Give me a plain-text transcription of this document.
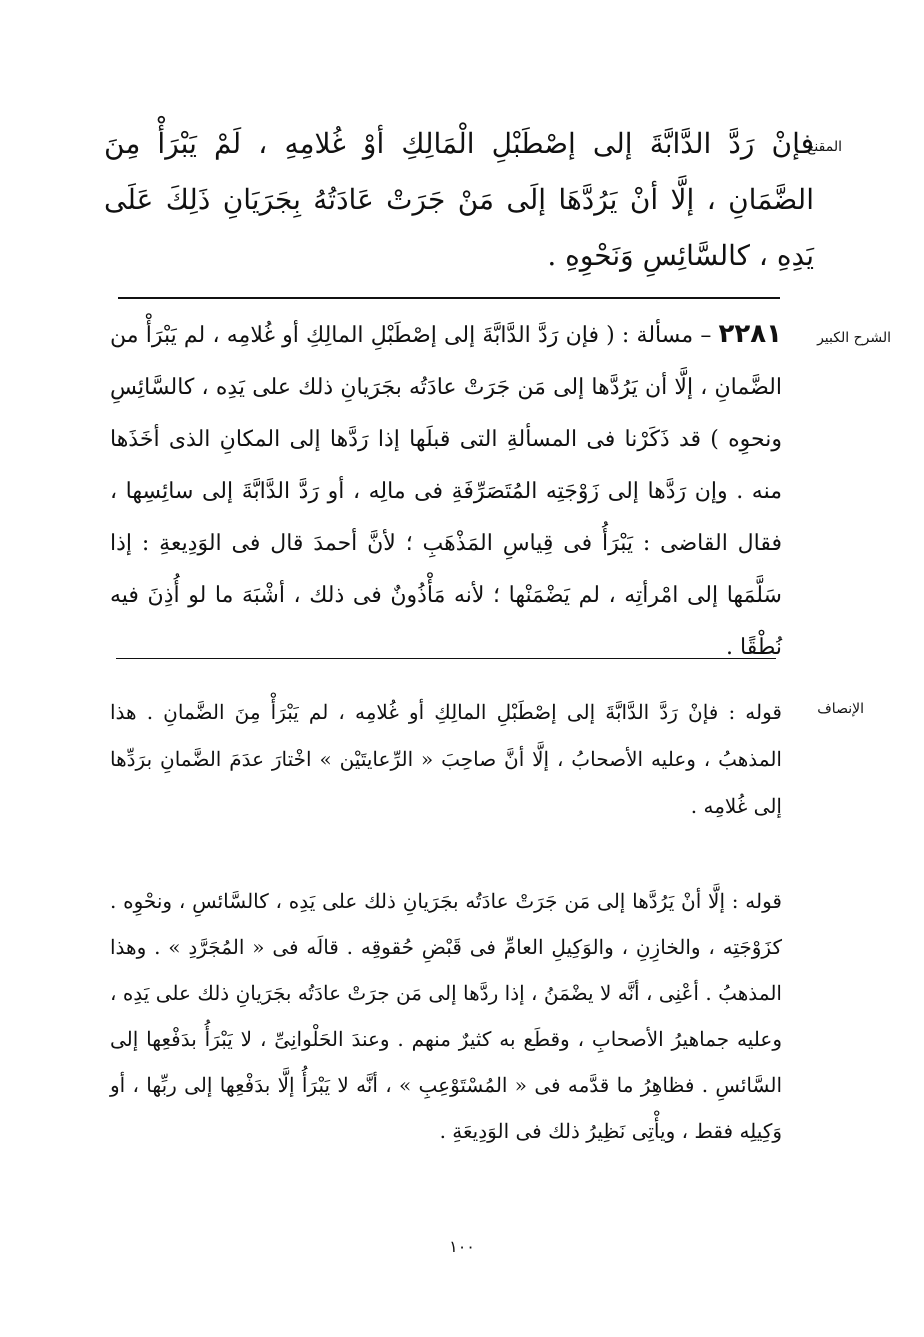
المقنع

فإنْ رَدَّ الدَّابَّةَ إلى إصْطَبْلِ الْمَالِكِ أوْ غُلامِهِ ، لَمْ يَبْرَأْ مِنَ الضَّمَانِ ، إلَّا أنْ يَرُدَّهَا إلَى مَنْ جَرَتْ عَادَتُهُ بِجَرَيَانِ ذَلِكَ عَلَى يَدِهِ ، كالسَّائِسِ وَنَحْوِهِ .

الشرح الكبير

٢٢٨١ – مسألة : ( فإن رَدَّ الدَّابَّةَ إلى إصْطَبْلِ المالِكِ أو غُلامِه ، لم يَبْرَأْ من الضَّمانِ ، إلَّا أن يَرُدَّها إلى مَن جَرَتْ عادَتُه بجَرَيانِ ذلك على يَدِه ، كالسَّائِسِ ونحوِه ) قد ذَكَرْنا فى المسألةِ التى قبلَها إذا رَدَّها إلى المكانِ الذى أخَذَها منه . وإن رَدَّها إلى زَوْجَتِه المُتَصَرِّفَةِ فى مالِه ، أو رَدَّ الدَّابَّةَ إلى سائِسِها ، فقال القاضى : يَبْرَأُ فى قِياسِ المَذْهَبِ ؛ لأنَّ أحمدَ قال فى الوَدِيعةِ : إذا سَلَّمَها إلى امْرأتِه ، لم يَضْمَنْها ؛ لأنه مَأْذُونٌ فى ذلك ، أشْبَهَ ما لو أُذِنَ فيه نُطْقًا .

الإنصاف

قوله : فإنْ رَدَّ الدَّابَّةَ إلى إصْطَبْلِ المالِكِ أو غُلامِه ، لم يَبْرَأْ مِنَ الضَّمانِ . هذا المذهبُ ، وعليه الأصحابُ ، إلَّا أنَّ صاحِبَ « الرِّعايتَيْن » اخْتارَ عدَمَ الضَّمانِ برَدِّها إلى غُلامِه .

قوله : إلَّا أنْ يَرُدَّها إلى مَن جَرَتْ عادَتُه بجَرَيانِ ذلك على يَدِه ، كالسَّائسِ ، ونحْوِه . كزَوْجَتِه ، والخازِنِ ، والوَكِيلِ العامِّ فى قَبْضِ حُقوقِه . قالَه فى « المُجَرَّدِ » . وهذا المذهبُ . أعْنِى ، أنَّه لا يضْمَنُ ، إذا ردَّها إلى مَن جرَتْ عادَتُه بجَرَيانِ ذلك على يَدِه ، وعليه جماهيرُ الأصحابِ ، وقطَع به كثيرٌ منهم . وعندَ الحَلْوانِىِّ ، لا يَبْرَأُ بدَفْعِها إلى السَّائسِ . فظاهِرُ ما قدَّمه فى « المُسْتَوْعِبِ » ، أنَّه لا يَبْرَأُ إلَّا بدَفْعِها إلى ربِّها ، أو وَكِيلِه فقط ، ويأْتِى نَظِيرُ ذلك فى الوَدِيعَةِ .

١٠٠
